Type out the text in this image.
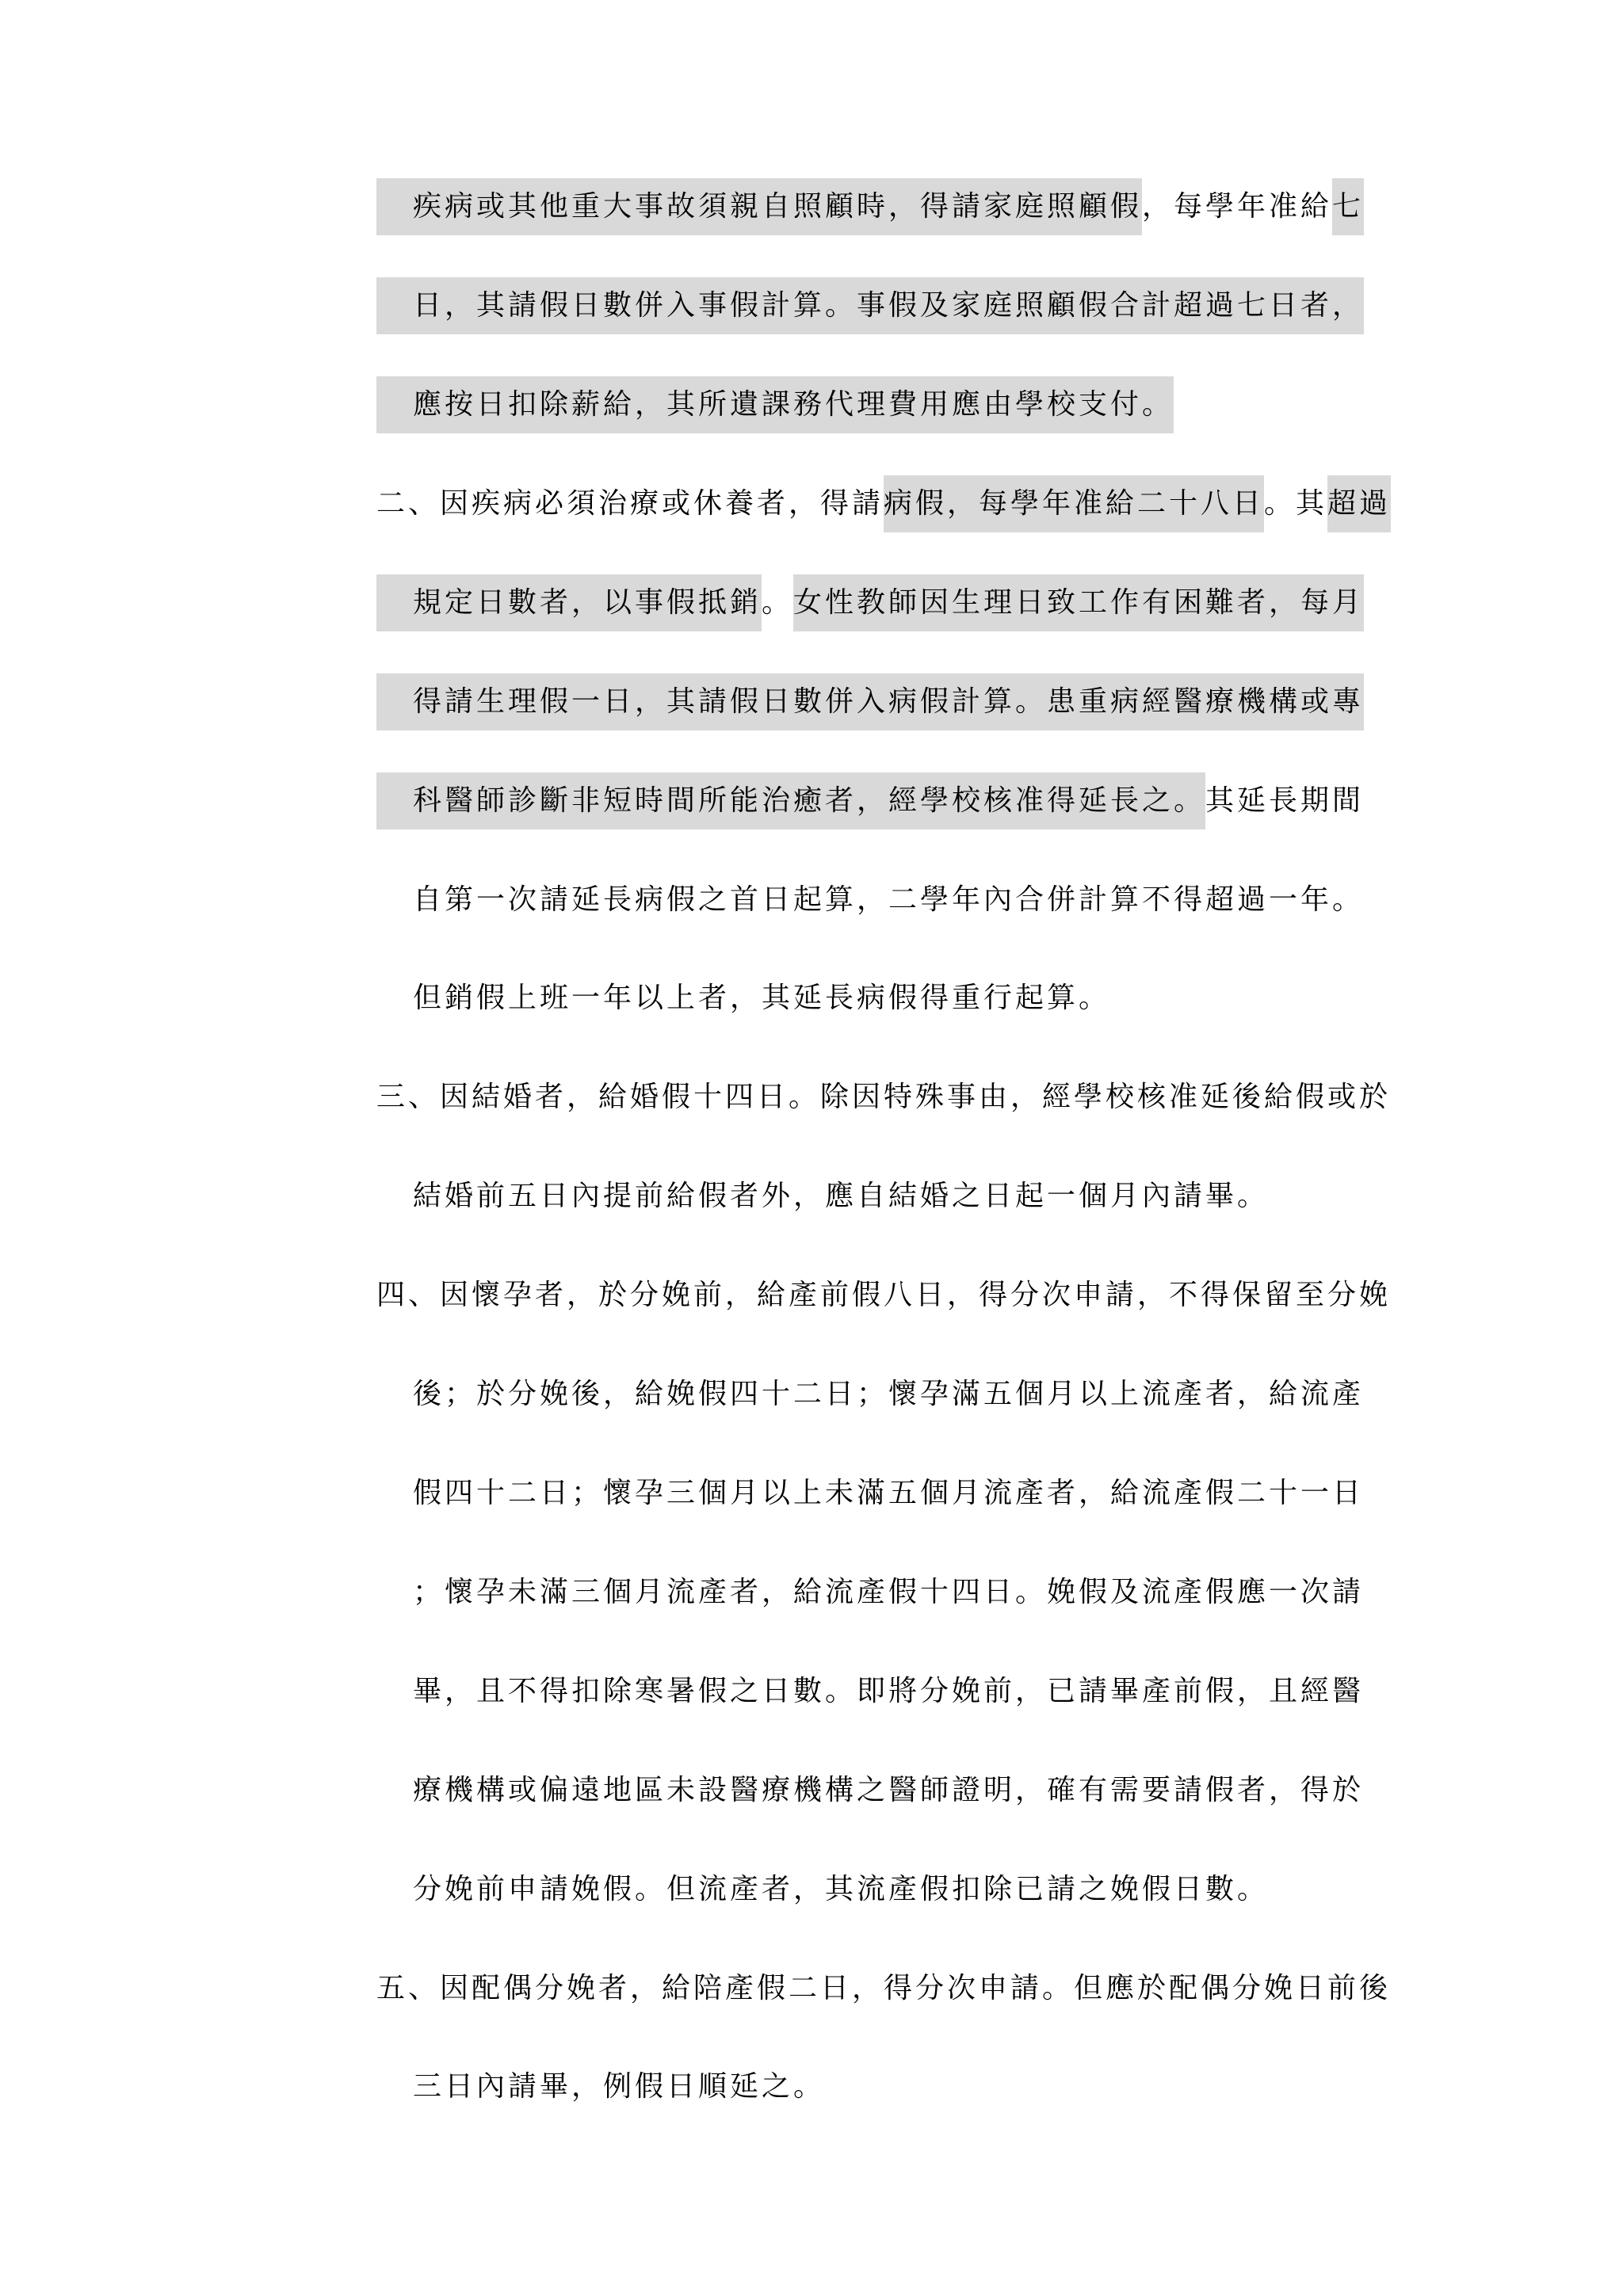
疾病或其他重大事故須親自照顧時，得請家庭照顧假，每學年准給七
日，其請假日數併入事假計算。事假及家庭照顧假合計超過七日者，
應按日扣除薪給，其所遺課務代理費用應由學校支付。
二、因疾病必須治療或休養者，得請病假，每學年准給二十八日。其超過
規定日數者，以事假抵銷。女性教師因生理日致工作有困難者，每月
得請生理假一日，其請假日數併入病假計算。患重病經醫療機構或專
科醫師診斷非短時間所能治癒者，經學校核准得延長之。其延長期間
自第一次請延長病假之首日起算，二學年內合併計算不得超過一年。
但銷假上班一年以上者，其延長病假得重行起算。
三、因結婚者，給婚假十四日。除因特殊事由，經學校核准延後給假或於
結婚前五日內提前給假者外，應自結婚之日起一個月內請畢。
四、因懷孕者，於分娩前，給產前假八日，得分次申請，不得保留至分娩
後；於分娩後，給娩假四十二日；懷孕滿五個月以上流產者，給流產
假四十二日；懷孕三個月以上未滿五個月流產者，給流產假二十一日
；懷孕未滿三個月流產者，給流產假十四日。娩假及流產假應一次請
畢，且不得扣除寒暑假之日數。即將分娩前，已請畢產前假，且經醫
療機構或偏遠地區未設醫療機構之醫師證明，確有需要請假者，得於
分娩前申請娩假。但流產者，其流產假扣除已請之娩假日數。
五、因配偶分娩者，給陪產假二日，得分次申請。但應於配偶分娩日前後
三日內請畢，例假日順延之。
